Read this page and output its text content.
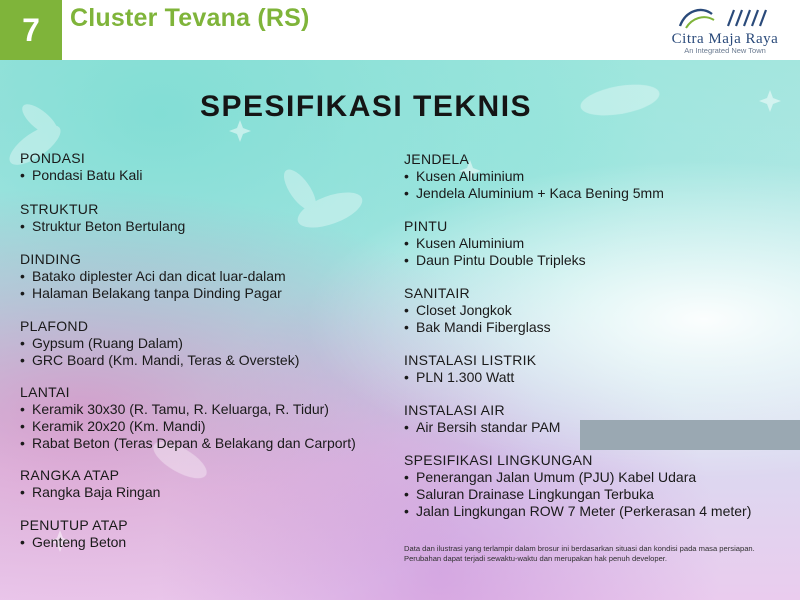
7	Cluster Tevana (RS)
Citra Maja Raya
An Integrated New Town
SPESIFIKASI TEKNIS
PONDASI
• Pondasi Batu Kali
STRUKTUR
• Struktur Beton Bertulang
DINDING
• Batako diplester Aci dan dicat luar-dalam
• Halaman Belakang tanpa Dinding Pagar
PLAFOND
• Gypsum (Ruang Dalam)
• GRC Board (Km. Mandi, Teras & Overstek)
LANTAI
• Keramik 30x30 (R. Tamu, R. Keluarga, R. Tidur)
• Keramik 20x20 (Km. Mandi)
• Rabat Beton (Teras Depan & Belakang dan Carport)
RANGKA ATAP
• Rangka Baja Ringan
PENUTUP ATAP
• Genteng Beton
JENDELA
• Kusen Aluminium
• Jendela Aluminium + Kaca Bening 5mm
PINTU
• Kusen Aluminium
• Daun Pintu Double Tripleks
SANITAIR
• Closet Jongkok
• Bak Mandi Fiberglass
INSTALASI LISTRIK
• PLN 1.300 Watt
INSTALASI AIR
• Air Bersih standar PAM
SPESIFIKASI LINGKUNGAN
• Penerangan Jalan Umum (PJU) Kabel Udara
• Saluran Drainase Lingkungan Terbuka
• Jalan Lingkungan ROW 7 Meter (Perkerasan 4 meter)
Data dan ilustrasi yang terlampir dalam brosur ini berdasarkan situasi dan kondisi pada masa persiapan.
Perubahan dapat terjadi sewaktu-waktu dan merupakan hak penuh developer.
